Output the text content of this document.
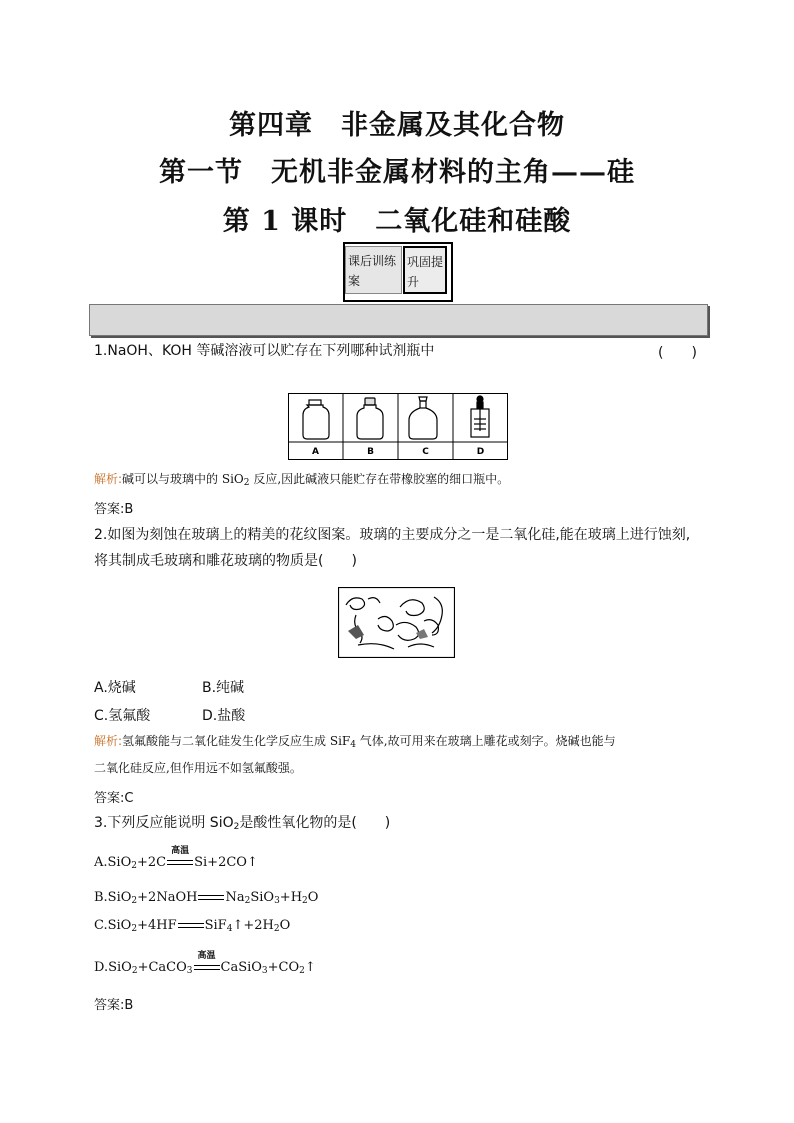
第四章　非金属及其化合物
第一节　无机非金属材料的主角——硅
第 1 课时　二氧化硅和硅酸
课后训练案
巩固提升
1.NaOH、KOH 等碱溶液可以贮存在下列哪种试剂瓶中	(　　)
A	B	C	D
解析:碱可以与玻璃中的 SiO$_2$ 反应,因此碱液只能贮存在带橡胶塞的细口瓶中。
答案:B
2.如图为刻蚀在玻璃上的精美的花纹图案。玻璃的主要成分之一是二氧化硅,能在玻璃上进行蚀刻,
将其制成毛玻璃和雕花玻璃的物质是(　　)
A.烧碱	B.纯碱
C.氢氟酸	D.盐酸
解析:氢氟酸能与二氧化硅发生化学反应生成 SiF$_4$ 气体,故可用来在玻璃上雕花或刻字。烧碱也能与
二氧化硅反应,但作用远不如氢氟酸强。
答案:C
3.下列反应能说明 SiO$_2$是酸性氧化物的是(　　)
A.SiO$_2$+2C
高温
Si+2CO↑
B.SiO$_2$+2NaOH $Na_2SiO_3+H_2O$
C.SiO$_2$+4HF $SiF_4↑+2H_2O$
D.SiO$_2$+CaCO$_3$
高温
$CaSiO_3+CO_2↑$
答案:B
